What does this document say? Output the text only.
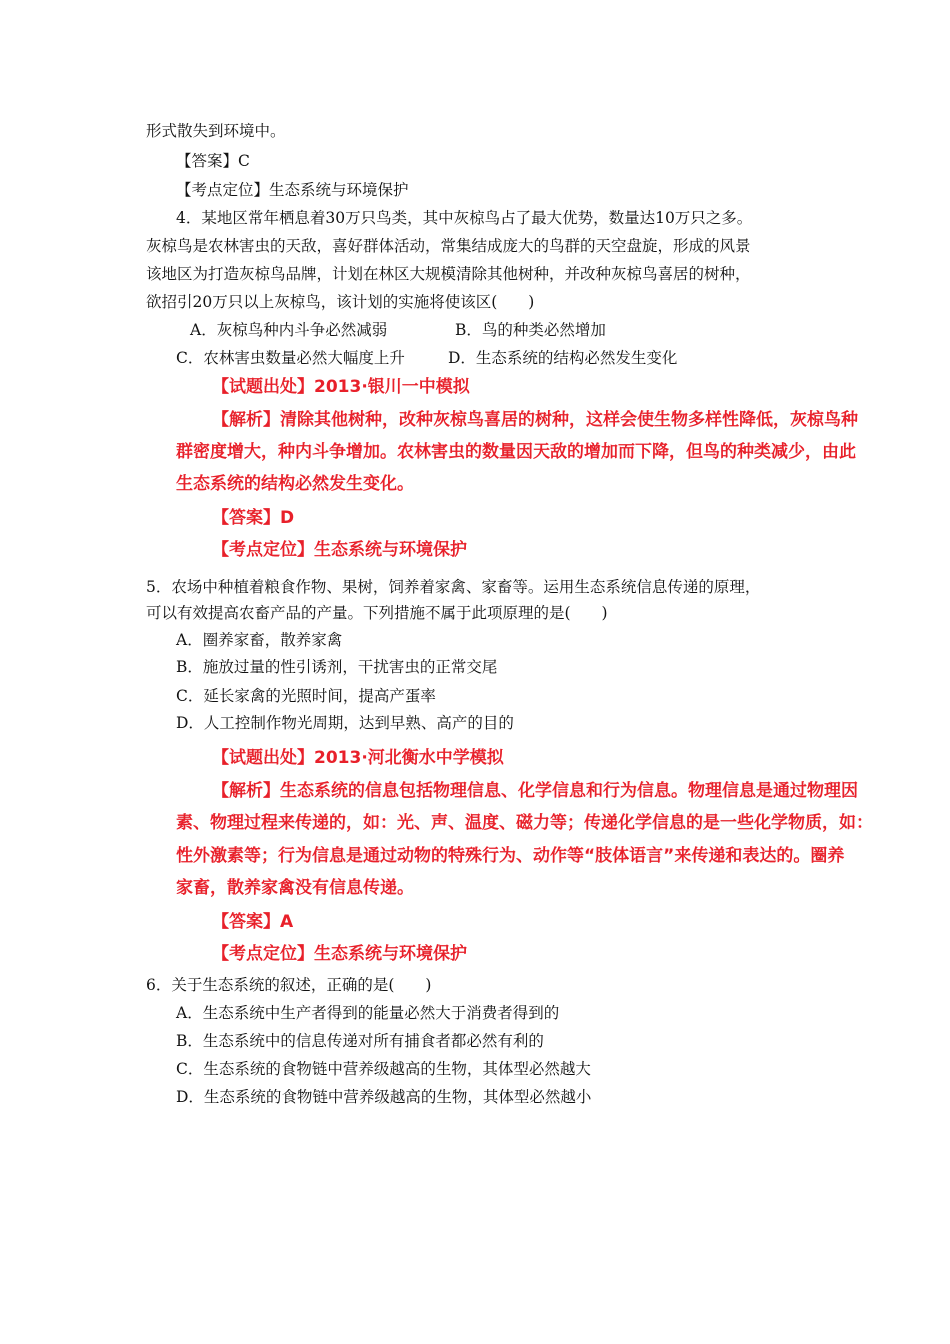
形式散失到环境中。
【答案】C
【考点定位】生态系统与环境保护
4．某地区常年栖息着30万只鸟类，其中灰椋鸟占了最大优势，数量达10万只之多。
灰椋鸟是农林害虫的天敌，喜好群体活动，常集结成庞大的鸟群的天空盘旋，形成的风景
该地区为打造灰椋鸟品牌，计划在林区大规模清除其他树种，并改种灰椋鸟喜居的树种，
欲招引20万只以上灰椋鸟，该计划的实施将使该区(　　)
A．灰椋鸟种内斗争必然减弱	B．鸟的种类必然增加
C．农林害虫数量必然大幅度上升	D．生态系统的结构必然发生变化
【试题出处】2013·银川一中模拟
【解析】清除其他树种，改种灰椋鸟喜居的树种，这样会使生物多样性降低，灰椋鸟种
群密度增大，种内斗争增加。农林害虫的数量因天敌的增加而下降，但鸟的种类减少，由此
生态系统的结构必然发生变化。
【答案】D
【考点定位】生态系统与环境保护
5．农场中种植着粮食作物、果树，饲养着家禽、家畜等。运用生态系统信息传递的原理，
可以有效提高农畜产品的产量。下列措施不属于此项原理的是(　　)
A．圈养家畜，散养家禽
B．施放过量的性引诱剂，干扰害虫的正常交尾
C．延长家禽的光照时间，提高产蛋率
D．人工控制作物光周期，达到早熟、高产的目的
【试题出处】2013·河北衡水中学模拟
【解析】生态系统的信息包括物理信息、化学信息和行为信息。物理信息是通过物理因
素、物理过程来传递的，如：光、声、温度、磁力等；传递化学信息的是一些化学物质，如：
性外激素等；行为信息是通过动物的特殊行为、动作等“肢体语言”来传递和表达的。圈养
家畜，散养家禽没有信息传递。
【答案】A
【考点定位】生态系统与环境保护
6．关于生态系统的叙述，正确的是(　　)
A．生态系统中生产者得到的能量必然大于消费者得到的
B．生态系统中的信息传递对所有捕食者都必然有利的
C．生态系统的食物链中营养级越高的生物，其体型必然越大
D．生态系统的食物链中营养级越高的生物，其体型必然越小
